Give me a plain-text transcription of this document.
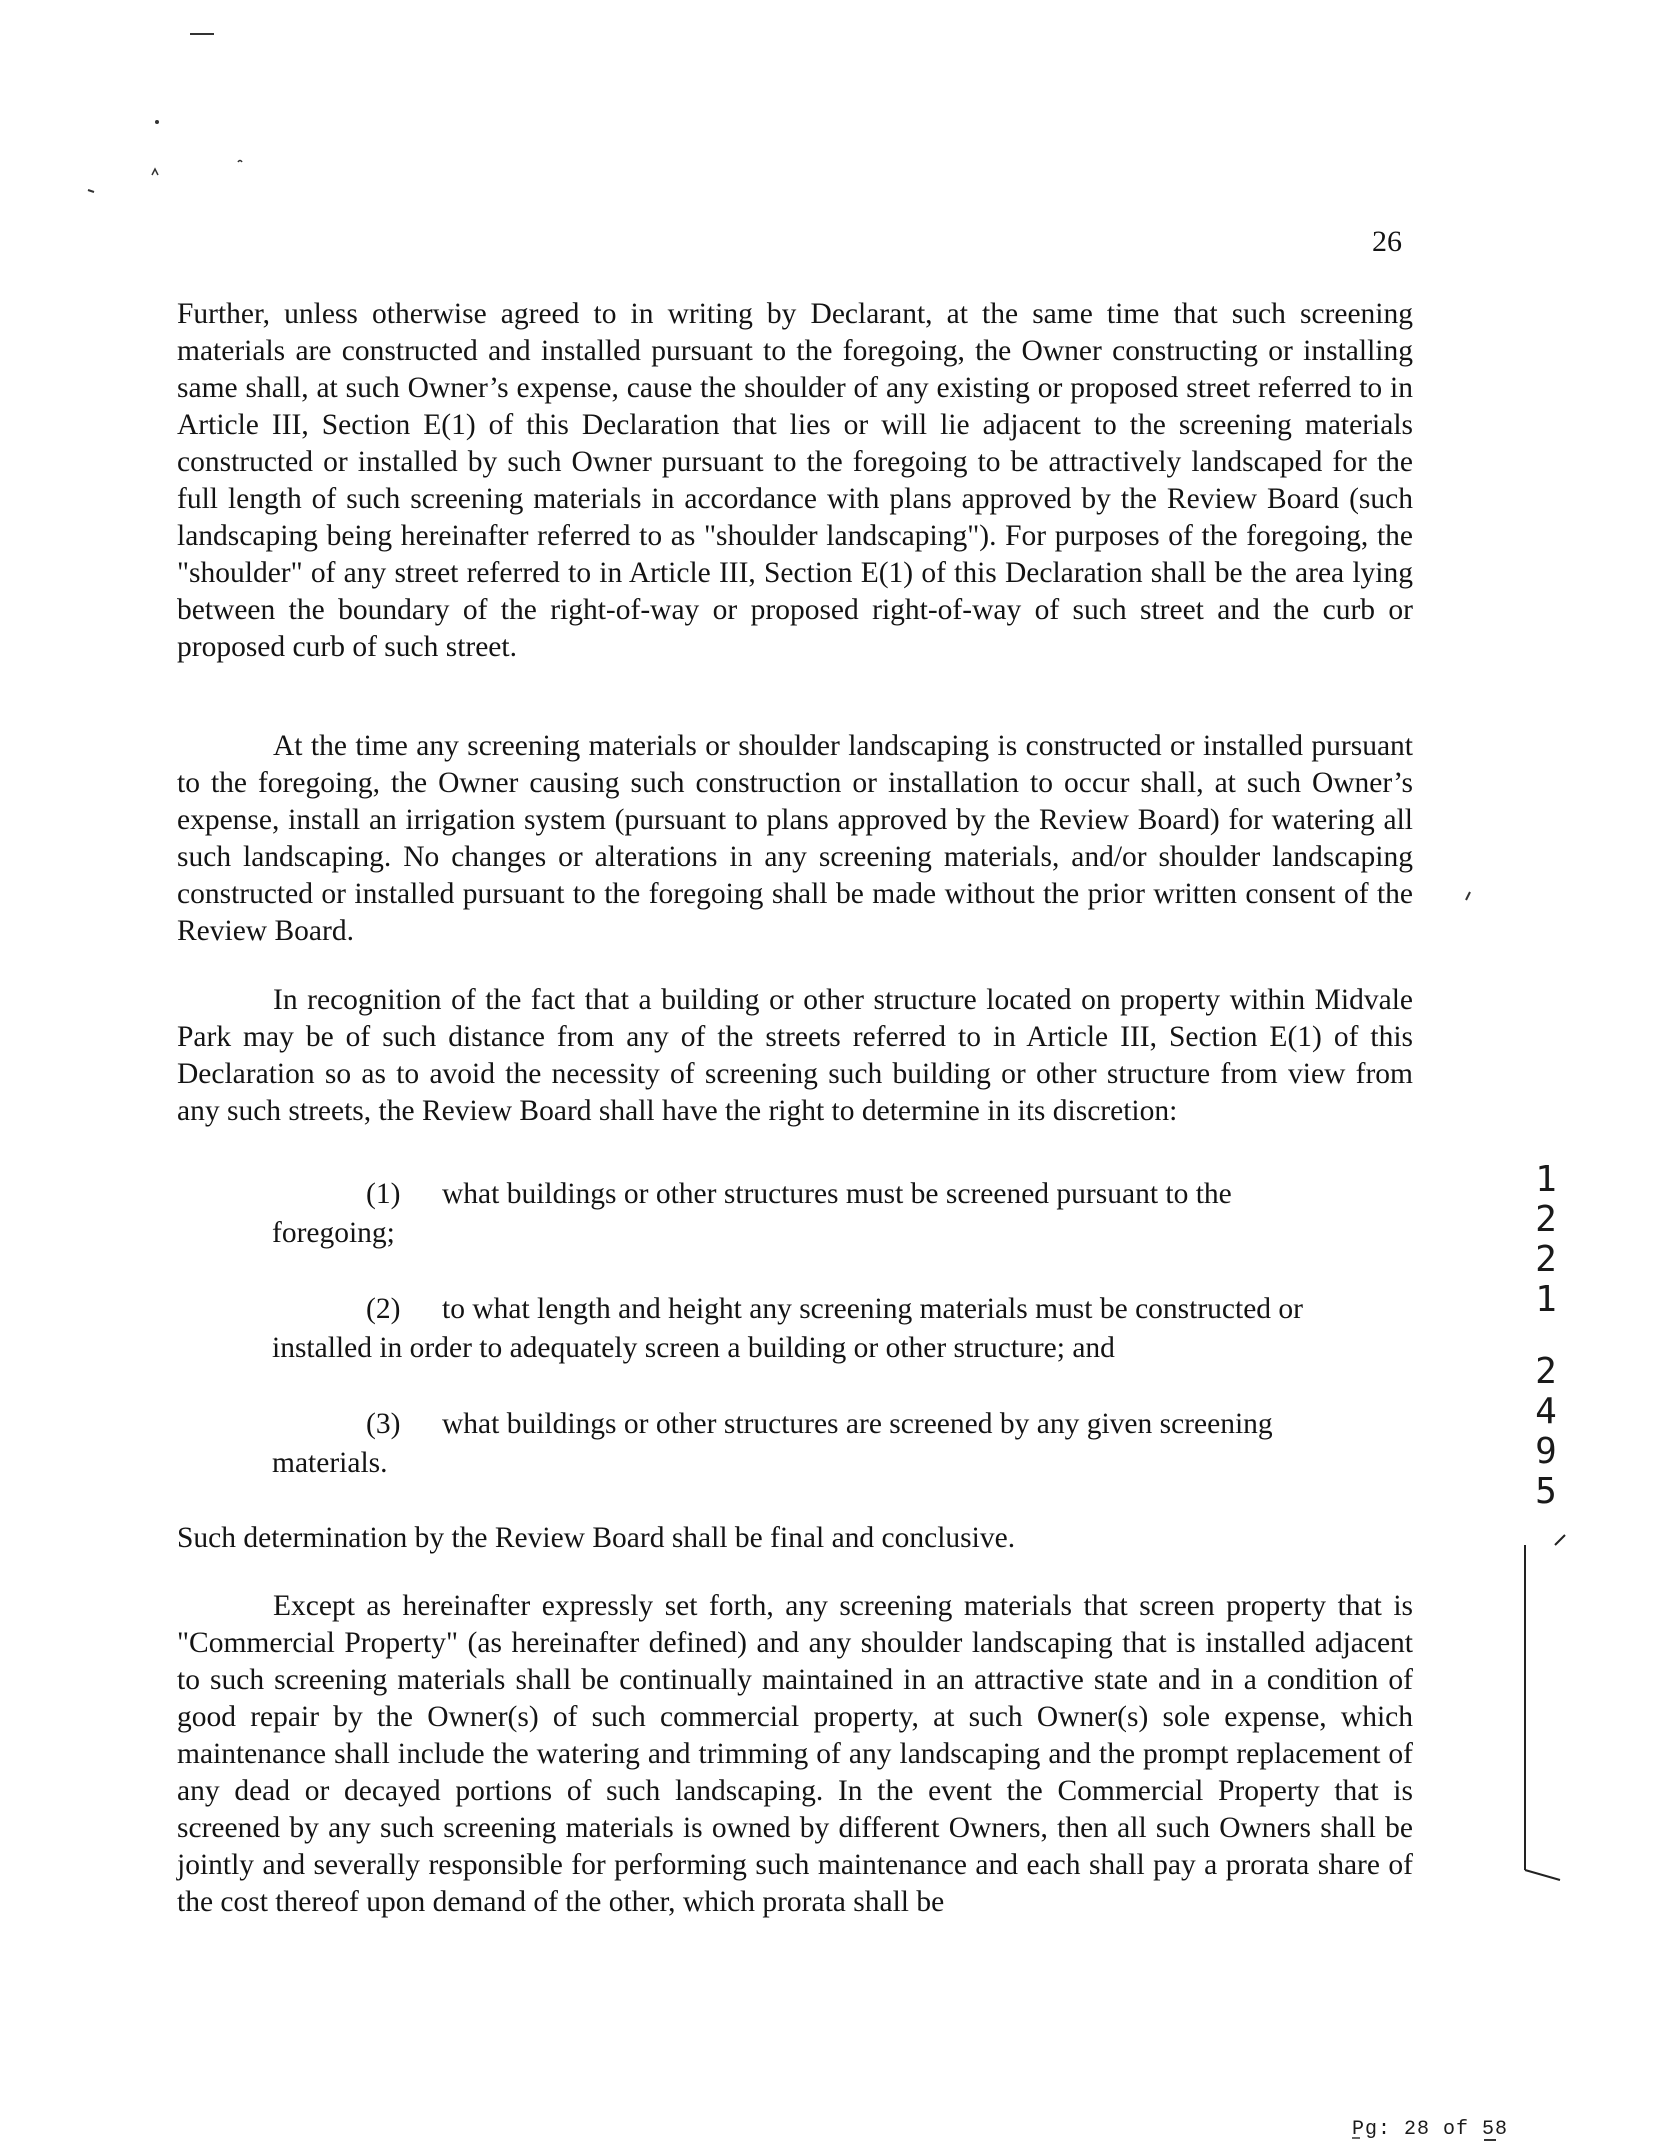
26

Further, unless otherwise agreed to in writing by Declarant, at the same time that such screening materials are constructed and installed pursuant to the foregoing, the Owner constructing or installing same shall, at such Owner’s expense, cause the shoulder of any existing or proposed street referred to in Article III, Section E(1) of this Declaration that lies or will lie adjacent to the screening materials constructed or installed by such Owner pursuant to the foregoing to be attractively landscaped for the full length of such screening materials in accordance with plans approved by the Review Board (such landscaping being hereinafter referred to as "shoulder landscaping"). For purposes of the foregoing, the "shoulder" of any street referred to in Article III, Section E(1) of this Declaration shall be the area lying between the boundary of the right-of-way or proposed right-of-way of such street and the curb or proposed curb of such street.

At the time any screening materials or shoulder landscaping is constructed or installed pursuant to the foregoing, the Owner causing such construction or installation to occur shall, at such Owner’s expense, install an irrigation system (pursuant to plans approved by the Review Board) for watering all such landscaping. No changes or alterations in any screening materials, and/or shoulder landscaping constructed or installed pursuant to the foregoing shall be made without the prior written consent of the Review Board.

In recognition of the fact that a building or other structure located on property within Midvale Park may be of such distance from any of the streets referred to in Article III, Section E(1) of this Declaration so as to avoid the necessity of screening such building or other structure from view from any such streets, the Review Board shall have the right to determine in its discretion:

(1) what buildings or other structures must be screened pursuant to the foregoing;
(2) to what length and height any screening materials must be constructed or installed in order to adequately screen a building or other structure; and
(3) what buildings or other structures are screened by any given screening materials.

Such determination by the Review Board shall be final and conclusive.

Except as hereinafter expressly set forth, any screening materials that screen property that is "Commercial Property" (as hereinafter defined) and any shoulder landscaping that is installed adjacent to such screening materials shall be continually maintained in an attractive state and in a condition of good repair by the Owner(s) of such commercial property, at such Owner(s) sole expense, which maintenance shall include the watering and trimming of any landscaping and the prompt replacement of any dead or decayed portions of such landscaping. In the event the Commercial Property that is screened by any such screening materials is owned by different Owners, then all such Owners shall be jointly and severally responsible for performing such maintenance and each shall pay a prorata share of the cost thereof upon demand of the other, which prorata shall be

1
2
2
1
2
4
9
5
Pg: 28 of 58
